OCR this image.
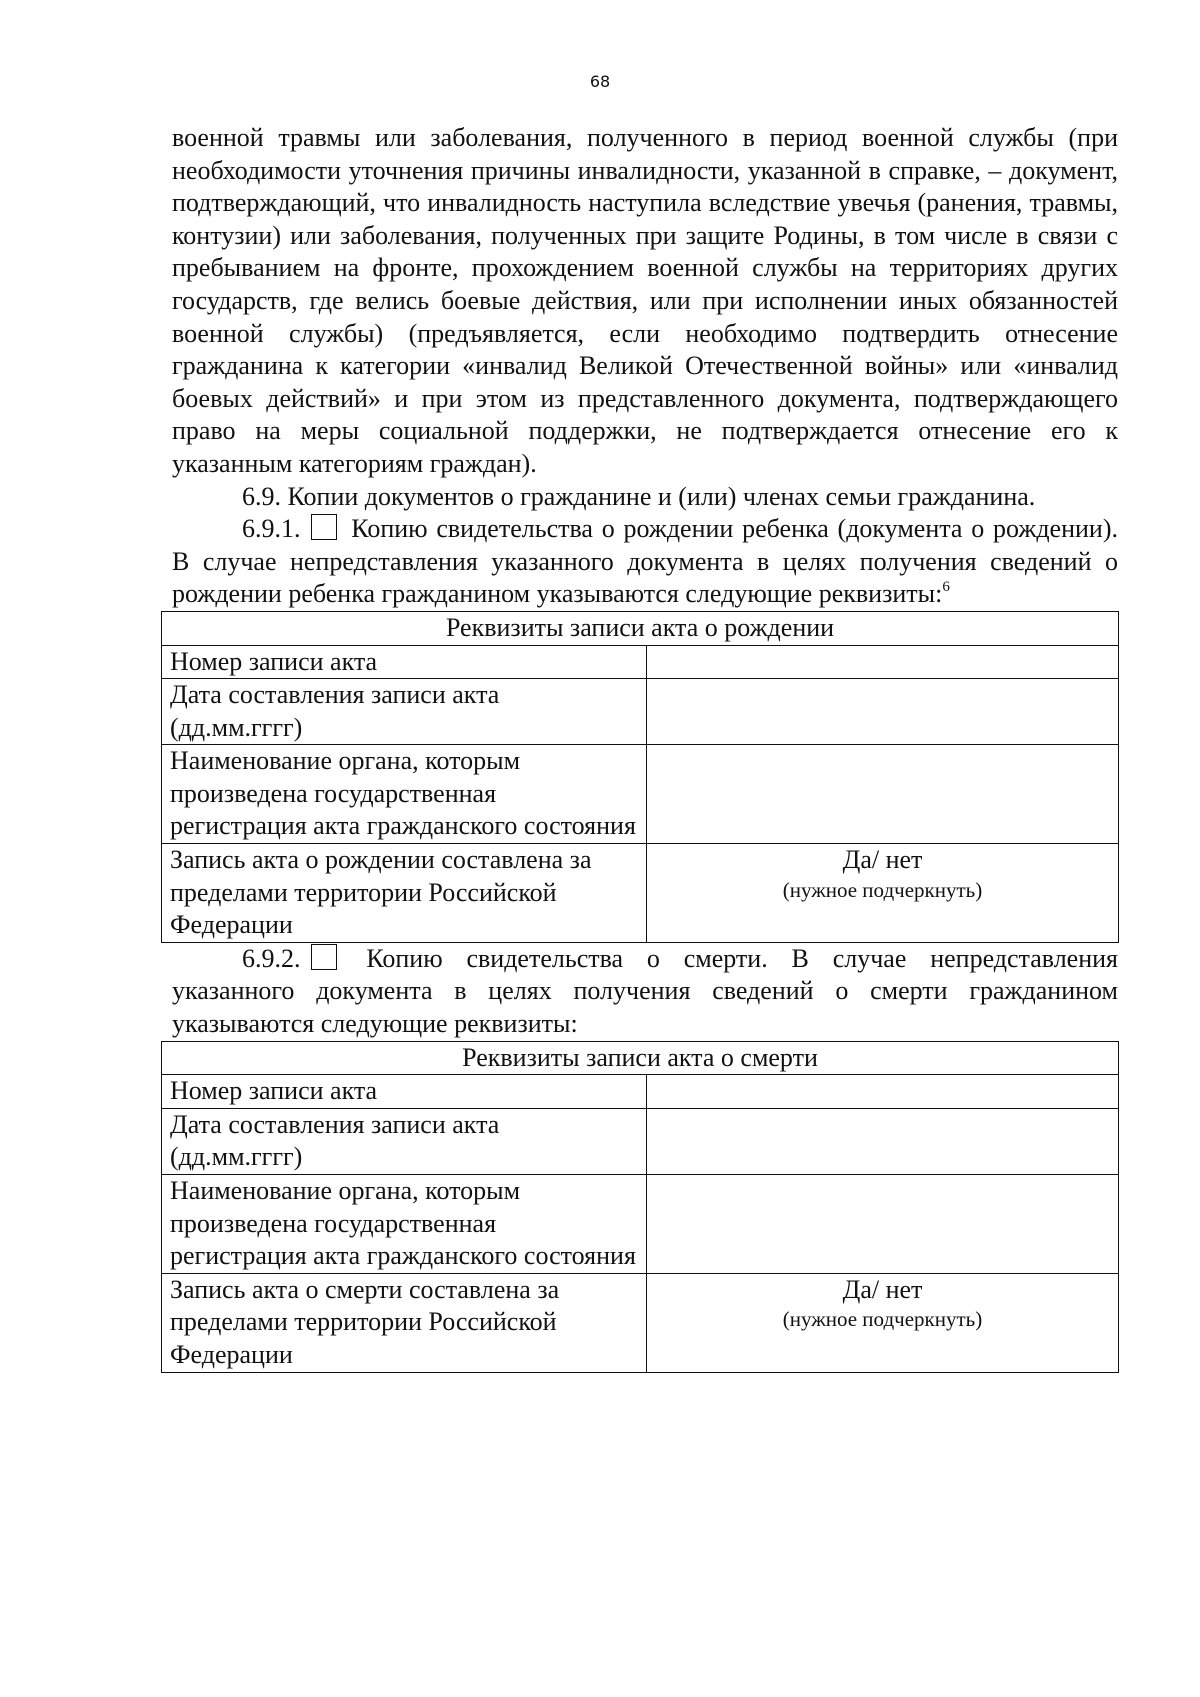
68

военной травмы или заболевания, полученного в период военной службы (при необходимости уточнения причины инвалидности, указанной в справке, – документ, подтверждающий, что инвалидность наступила вследствие увечья (ранения, травмы, контузии) или заболевания, полученных при защите Родины, в том числе в связи с пребыванием на фронте, прохождением военной службы на территориях других государств, где велись боевые действия, или при исполнении иных обязанностей военной службы) (предъявляется, если необходимо подтвердить отнесение гражданина к категории «инвалид Великой Отечественной войны» или «инвалид боевых действий» и при этом из представленного документа, подтверждающего право на меры социальной поддержки, не подтверждается отнесение его к указанным категориям граждан).

6.9. Копии документов о гражданине и (или) членах семьи гражданина.

6.9.1. Копию свидетельства о рождении ребенка (документа о рождении). В случае непредставления указанного документа в целях получения сведений о рождении ребенка гражданином указываются следующие реквизиты:$^6$

Реквизиты записи акта о рождении	
Номер записи акта	
Дата составления записи акта (дд.мм.гггг)	
Наименование органа, которым произведена государственная регистрация акта гражданского состояния	
Запись акта о рождении составлена за пределами территории Российской Федерации	Да/ нет
(нужное подчеркнуть)

6.9.2.	Копию свидетельства о смерти. В случае непредставления указанного документа в целях получения сведений о смерти гражданином указываются следующие реквизиты:

Реквизиты записи акта о смерти	
Номер записи акта	
Дата составления записи акта (дд.мм.гггг)	
Наименование органа, которым произведена государственная регистрация акта гражданского состояния	
Запись акта о смерти составлена за пределами территории Российской Федерации	Да/ нет
(нужное подчеркнуть)
